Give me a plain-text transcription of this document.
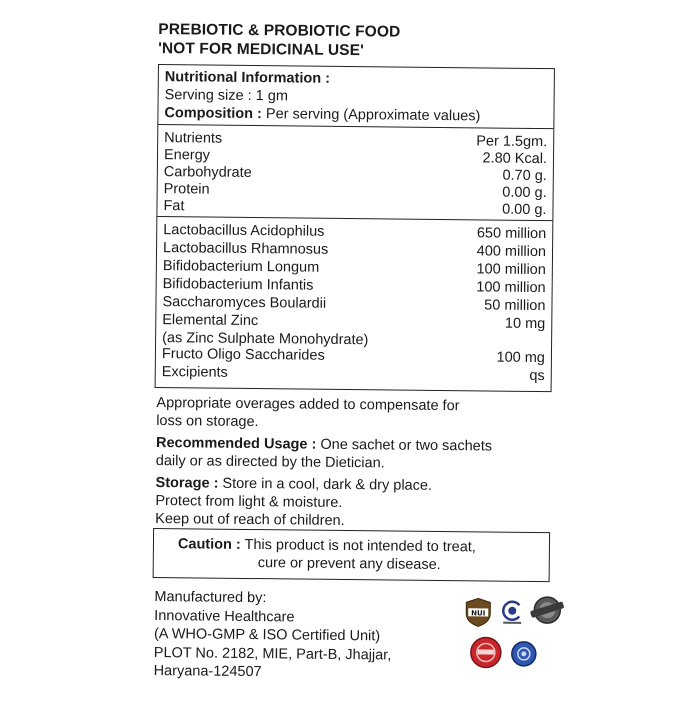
PREBIOTIC & PROBIOTIC FOOD
'NOT FOR MEDICINAL USE'
Nutritional Information :
Serving size : 1 gm
Composition : Per serving (Approximate values)
Nutrients	Per 1.5gm.
Energy	2.80 Kcal.
Carbohydrate	0.70 g.
Protein	0.00 g.
Fat	0.00 g.
Lactobacillus Acidophilus	650 million
Lactobacillus Rhamnosus	400 million
Bifidobacterium Longum	100 million
Bifidobacterium Infantis	100 million
Saccharomyces Boulardii	50 million
Elemental Zinc	10 mg
(as Zinc Sulphate Monohydrate)
Fructo Oligo Saccharides	100 mg
Excipients	qs
Appropriate overages added to compensate for
loss on storage.
Recommended Usage : One sachet or two sachets
daily or as directed by the Dietician.
Storage : Store in a cool, dark & dry place.
Protect from light & moisture.
Keep out of reach of children.
Caution : This product is not intended to treat,
cure or prevent any disease.
Manufactured by:
Innovative Healthcare
(A WHO-GMP & ISO Certified Unit)
PLOT No. 2182, MIE, Part-B, Jhajjar,
Haryana-124507
NUI
